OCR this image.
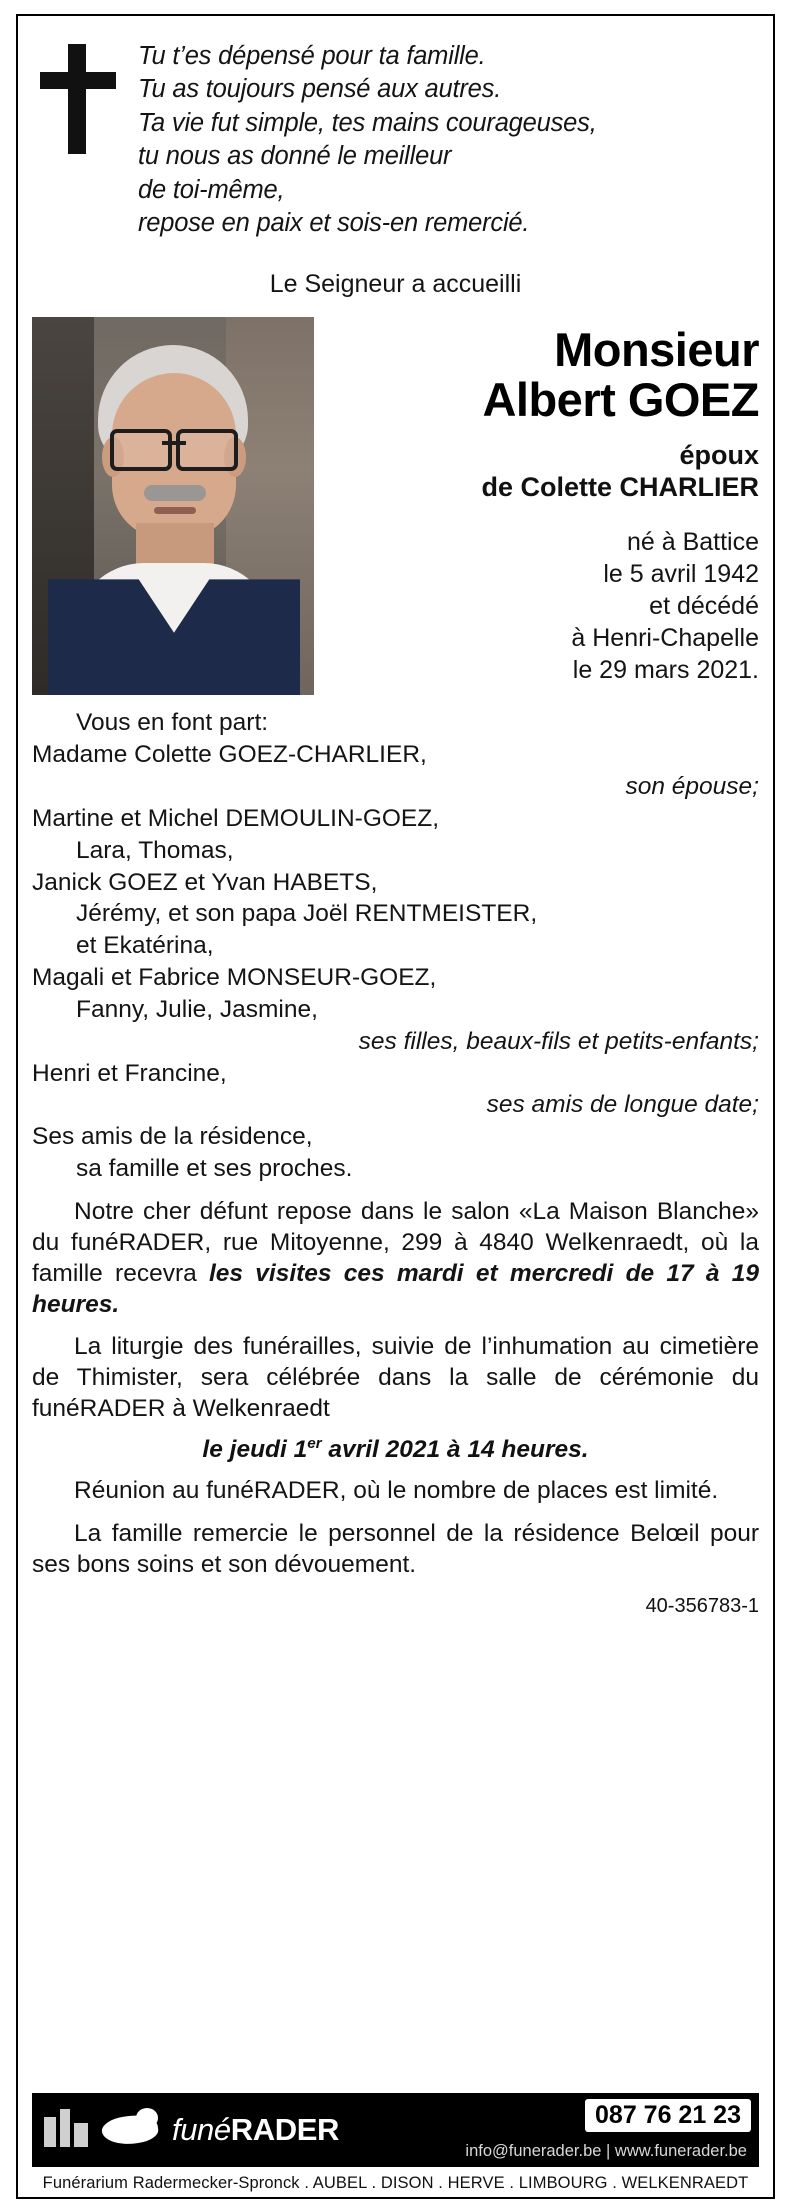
Tu t’es dépensé pour ta famille.
Tu as toujours pensé aux autres.
Ta vie fut simple, tes mains courageuses,
tu nous as donné le meilleur
de toi-même,
repose en paix et sois-en remercié.
Le Seigneur a accueilli
Monsieur
Albert GOEZ
époux
de Colette CHARLIER
né à Battice
le 5 avril 1942
et décédé
à Henri-Chapelle
le 29 mars 2021.
Vous en font part:
Madame Colette GOEZ-CHARLIER,
son épouse;
Martine et Michel DEMOULIN-GOEZ,
Lara, Thomas,
Janick GOEZ et Yvan HABETS,
Jérémy, et son papa Joël RENTMEISTER,
et Ekatérina,
Magali et Fabrice MONSEUR-GOEZ,
Fanny, Julie, Jasmine,
ses filles, beaux-fils et petits-enfants;
Henri et Francine,
ses amis de longue date;
Ses amis de la résidence,
sa famille et ses proches.
Notre cher défunt repose dans le salon «La Maison Blanche» du funéRADER, rue Mitoyenne, 299 à 4840 Welkenraedt, où la famille recevra les visites ces mardi et mercredi de 17 à 19 heures.
La liturgie des funérailles, suivie de l’inhumation au cimetière de Thimister, sera célébrée dans la salle de cérémonie du funéRADER à Welkenraedt
le jeudi 1er avril 2021 à 14 heures.
Réunion au funéRADER, où le nombre de places est limité.
La famille remercie le personnel de la résidence Belœil pour ses bons soins et son dévouement.
40-356783-1
funéRADER	087 76 21 23
info@funerader.be | www.funerader.be
Funérarium Radermecker-Spronck . AUBEL . DISON . HERVE . LIMBOURG . WELKENRAEDT
